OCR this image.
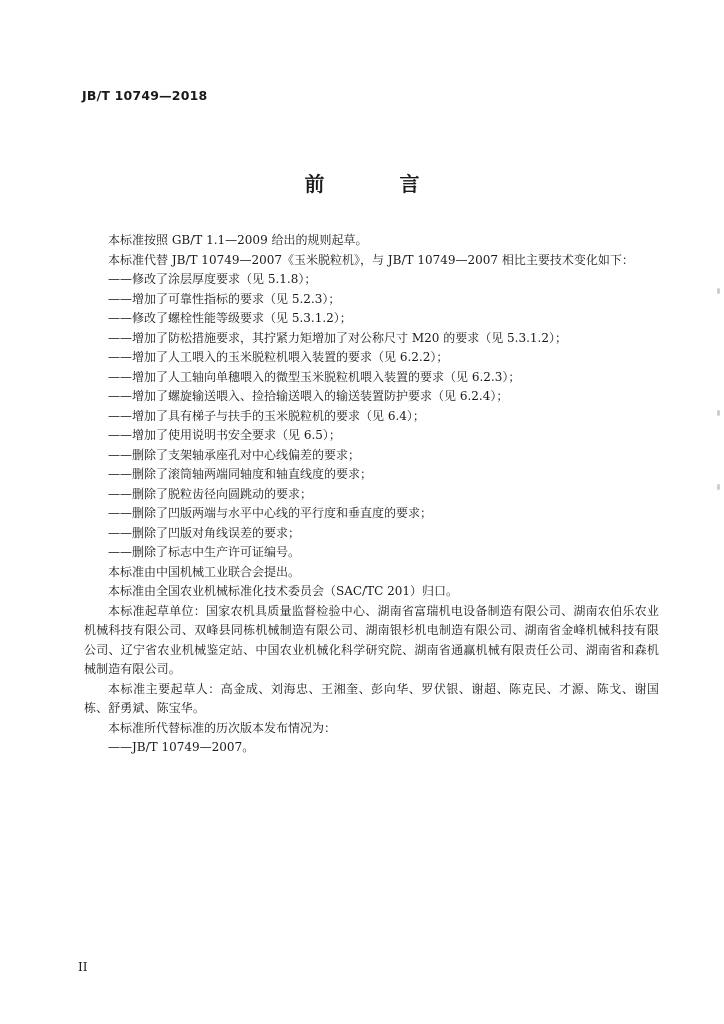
JB/T 10749—2018
前 言

本标准按照 GB/T 1.1—2009 给出的规则起草。

本标准代替 JB/T 10749—2007《玉米脱粒机》，与 JB/T 10749—2007 相比主要技术变化如下：

——修改了涂层厚度要求（见 5.1.8）；

——增加了可靠性指标的要求（见 5.2.3）；

——修改了螺栓性能等级要求（见 5.3.1.2）；

——增加了防松措施要求，其拧紧力矩增加了对公称尺寸 M20 的要求（见 5.3.1.2）；

——增加了人工喂入的玉米脱粒机喂入装置的要求（见 6.2.2）；

——增加了人工轴向单穗喂入的微型玉米脱粒机喂入装置的要求（见 6.2.3）；

——增加了螺旋输送喂入、捡拾输送喂入的输送装置防护要求（见 6.2.4）；

——增加了具有梯子与扶手的玉米脱粒机的要求（见 6.4）；

——增加了使用说明书安全要求（见 6.5）；

——删除了支架轴承座孔对中心线偏差的要求；

——删除了滚筒轴两端同轴度和轴直线度的要求；

——删除了脱粒齿径向圆跳动的要求；

——删除了凹版两端与水平中心线的平行度和垂直度的要求；

——删除了凹版对角线误差的要求；

——删除了标志中生产许可证编号。

本标准由中国机械工业联合会提出。

本标准由全国农业机械标准化技术委员会（SAC/TC 201）归口。

本标准起草单位：国家农机具质量监督检验中心、湖南省富瑞机电设备制造有限公司、湖南农伯乐农业机械科技有限公司、双峰县同栋机械制造有限公司、湖南银杉机电制造有限公司、湖南省金峰机械科技有限公司、辽宁省农业机械鉴定站、中国农业机械化科学研究院、湖南省通赢机械有限责任公司、湖南省和森机械制造有限公司。

本标准主要起草人：高金成、刘海忠、王湘奎、彭向华、罗伏银、谢超、陈克民、才源、陈戈、谢国栋、舒勇斌、陈宝华。

本标准所代替标准的历次版本发布情况为：

——JB/T 10749—2007。

II
